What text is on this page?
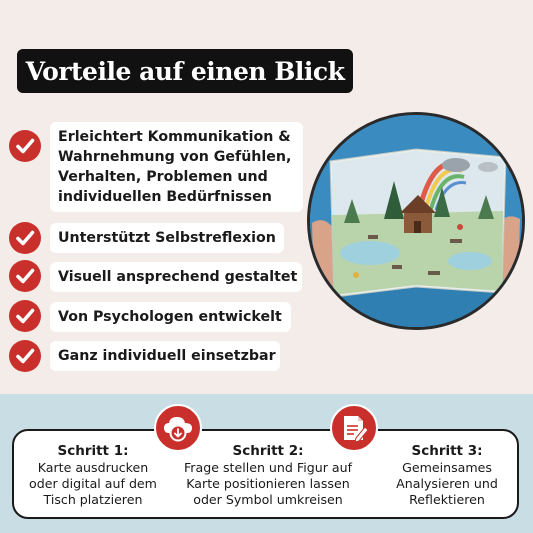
Vorteile auf einen Blick
Erleichtert Kommunikation &
Wahrnehmung von Gefühlen,
Verhalten, Problemen und
individuellen Bedürfnissen
Unterstützt Selbstreflexion
Visuell ansprechend gestaltet
Von Psychologen entwickelt
Ganz individuell einsetzbar
Schritt 1:
Karte ausdrucken
oder digital auf dem
Tisch platzieren
Schritt 2:
Frage stellen und Figur auf
Karte positionieren lassen
oder Symbol umkreisen
Schritt 3:
Gemeinsames
Analysieren und
Reflektieren
